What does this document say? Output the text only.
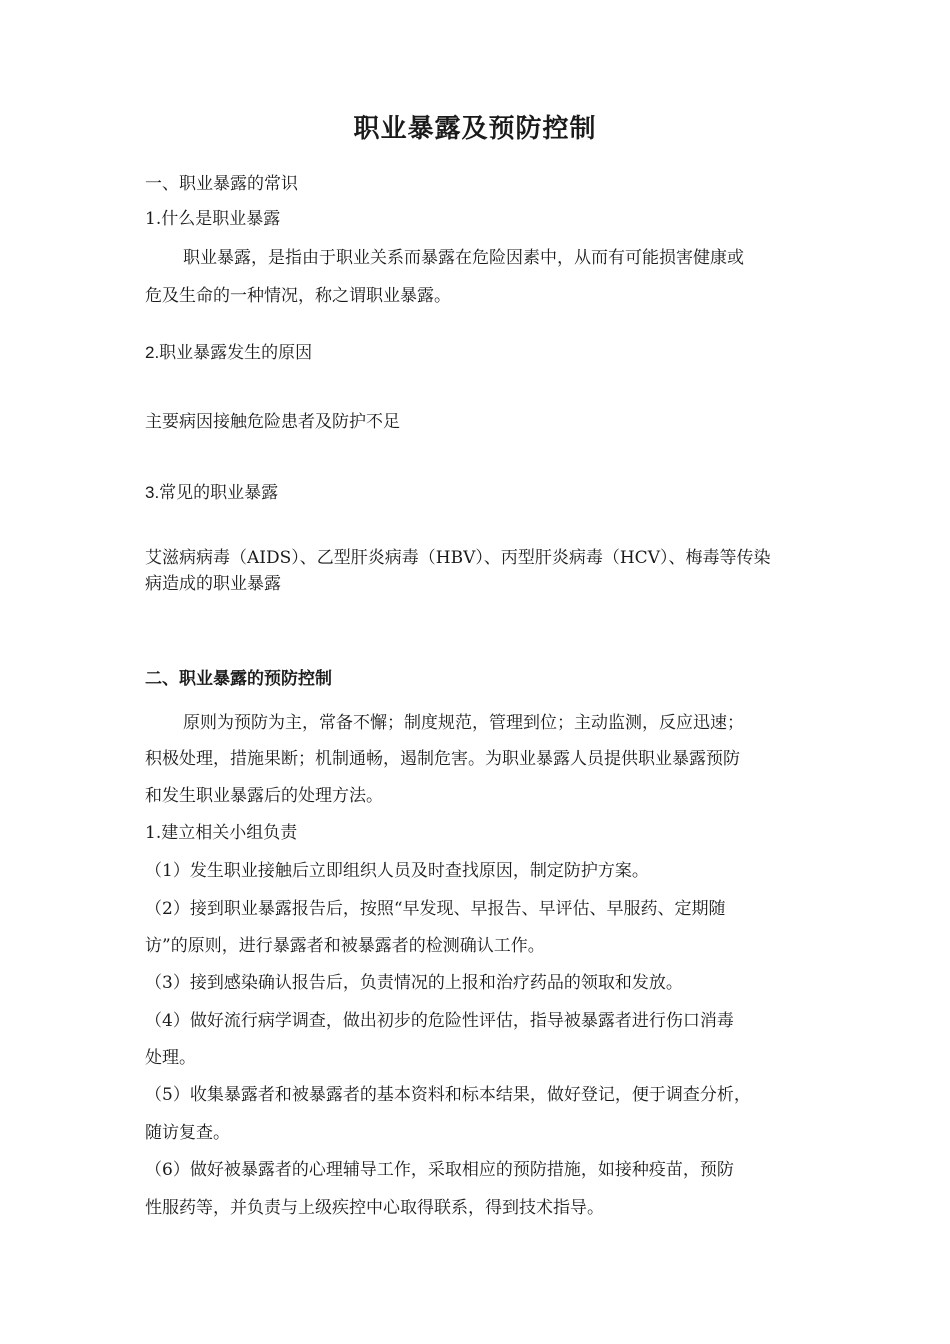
职业暴露及预防控制
一、职业暴露的常识
1.什么是职业暴露
职业暴露，是指由于职业关系而暴露在危险因素中，从而有可能损害健康或
危及生命的一种情况，称之谓职业暴露。
2.职业暴露发生的原因
主要病因接触危险患者及防护不足
3.常见的职业暴露
艾滋病病毒（AIDS）、乙型肝炎病毒（HBV）、丙型肝炎病毒（HCV）、梅毒等传染
病造成的职业暴露
二、职业暴露的预防控制
原则为预防为主，常备不懈；制度规范，管理到位；主动监测，反应迅速；
积极处理，措施果断；机制通畅，遏制危害。为职业暴露人员提供职业暴露预防
和发生职业暴露后的处理方法。
1.建立相关小组负责
（1）发生职业接触后立即组织人员及时查找原因，制定防护方案。
（2）接到职业暴露报告后，按照“早发现、早报告、早评估、早服药、定期随
访”的原则，进行暴露者和被暴露者的检测确认工作。
（3）接到感染确认报告后，负责情况的上报和治疗药品的领取和发放。
（4）做好流行病学调查，做出初步的危险性评估，指导被暴露者进行伤口消毒
处理。
（5）收集暴露者和被暴露者的基本资料和标本结果，做好登记，便于调查分析，
随访复查。
（6）做好被暴露者的心理辅导工作，采取相应的预防措施，如接种疫苗，预防
性服药等，并负责与上级疾控中心取得联系，得到技术指导。
